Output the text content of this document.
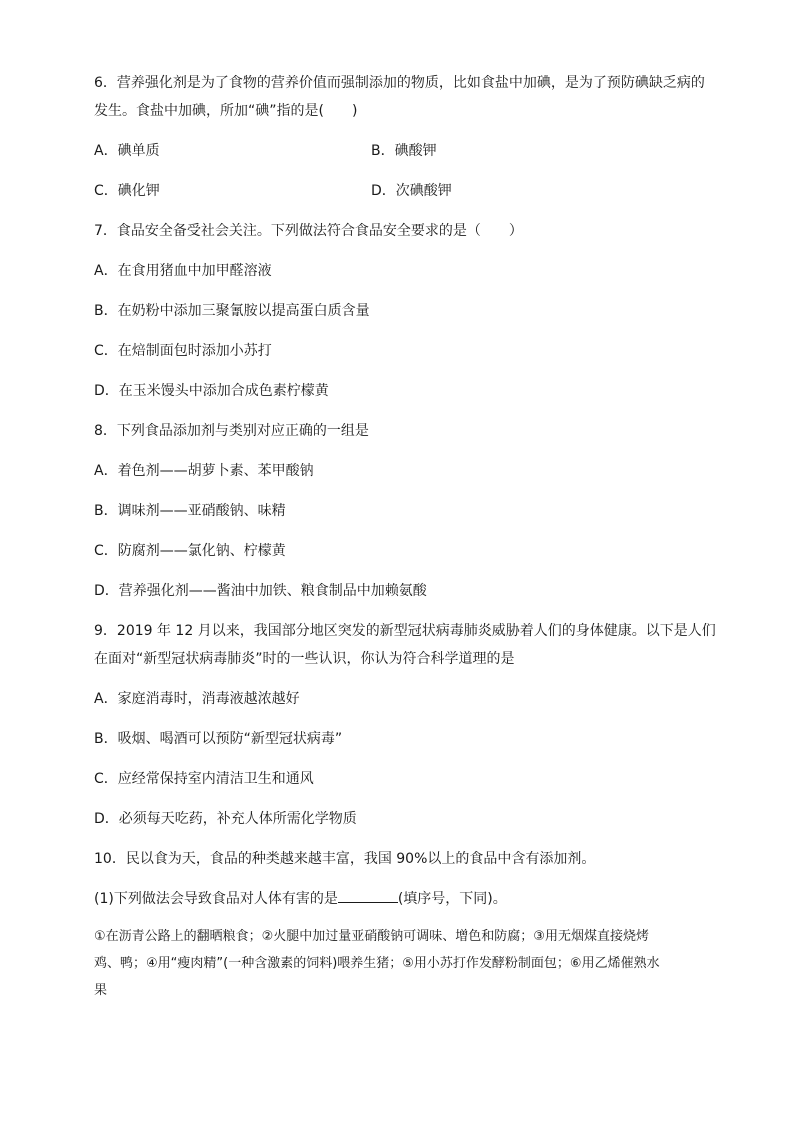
6．营养强化剂是为了食物的营养价值而强制添加的物质，比如食盐中加碘，是为了预防碘缺乏病的
发生。食盐中加碘，所加“碘”指的是(　　)
A．碘单质	B．碘酸钾
C．碘化钾	D．次碘酸钾
7．食品安全备受社会关注。下列做法符合食品安全要求的是（　　）
A．在食用猪血中加甲醛溶液
B．在奶粉中添加三聚氰胺以提高蛋白质含量
C．在焙制面包时添加小苏打
D．在玉米馒头中添加合成色素柠檬黄
8．下列食品添加剂与类别对应正确的一组是
A．着色剂——胡萝卜素、苯甲酸钠
B．调味剂——亚硝酸钠、味精
C．防腐剂——氯化钠、柠檬黄
D．营养强化剂——酱油中加铁、粮食制品中加赖氨酸
9．2019 年 12 月以来，我国部分地区突发的新型冠状病毒肺炎威胁着人们的身体健康。以下是人们
在面对“新型冠状病毒肺炎”时的一些认识，你认为符合科学道理的是
A．家庭消毒时，消毒液越浓越好
B．吸烟、喝酒可以预防“新型冠状病毒”
C．应经常保持室内清洁卫生和通风
D．必须每天吃药，补充人体所需化学物质
10．民以食为天，食品的种类越来越丰富，我国 90%以上的食品中含有添加剂。
(1)下列做法会导致食品对人体有害的是	(填序号，下同)。
①在沥青公路上的翻晒粮食；②火腿中加过量亚硝酸钠可调味、增色和防腐；③用无烟煤直接烧烤
鸡、鸭；④用“瘦肉精”(一种含激素的饲料)喂养生猪；⑤用小苏打作发酵粉制面包；⑥用乙烯催熟水
果
